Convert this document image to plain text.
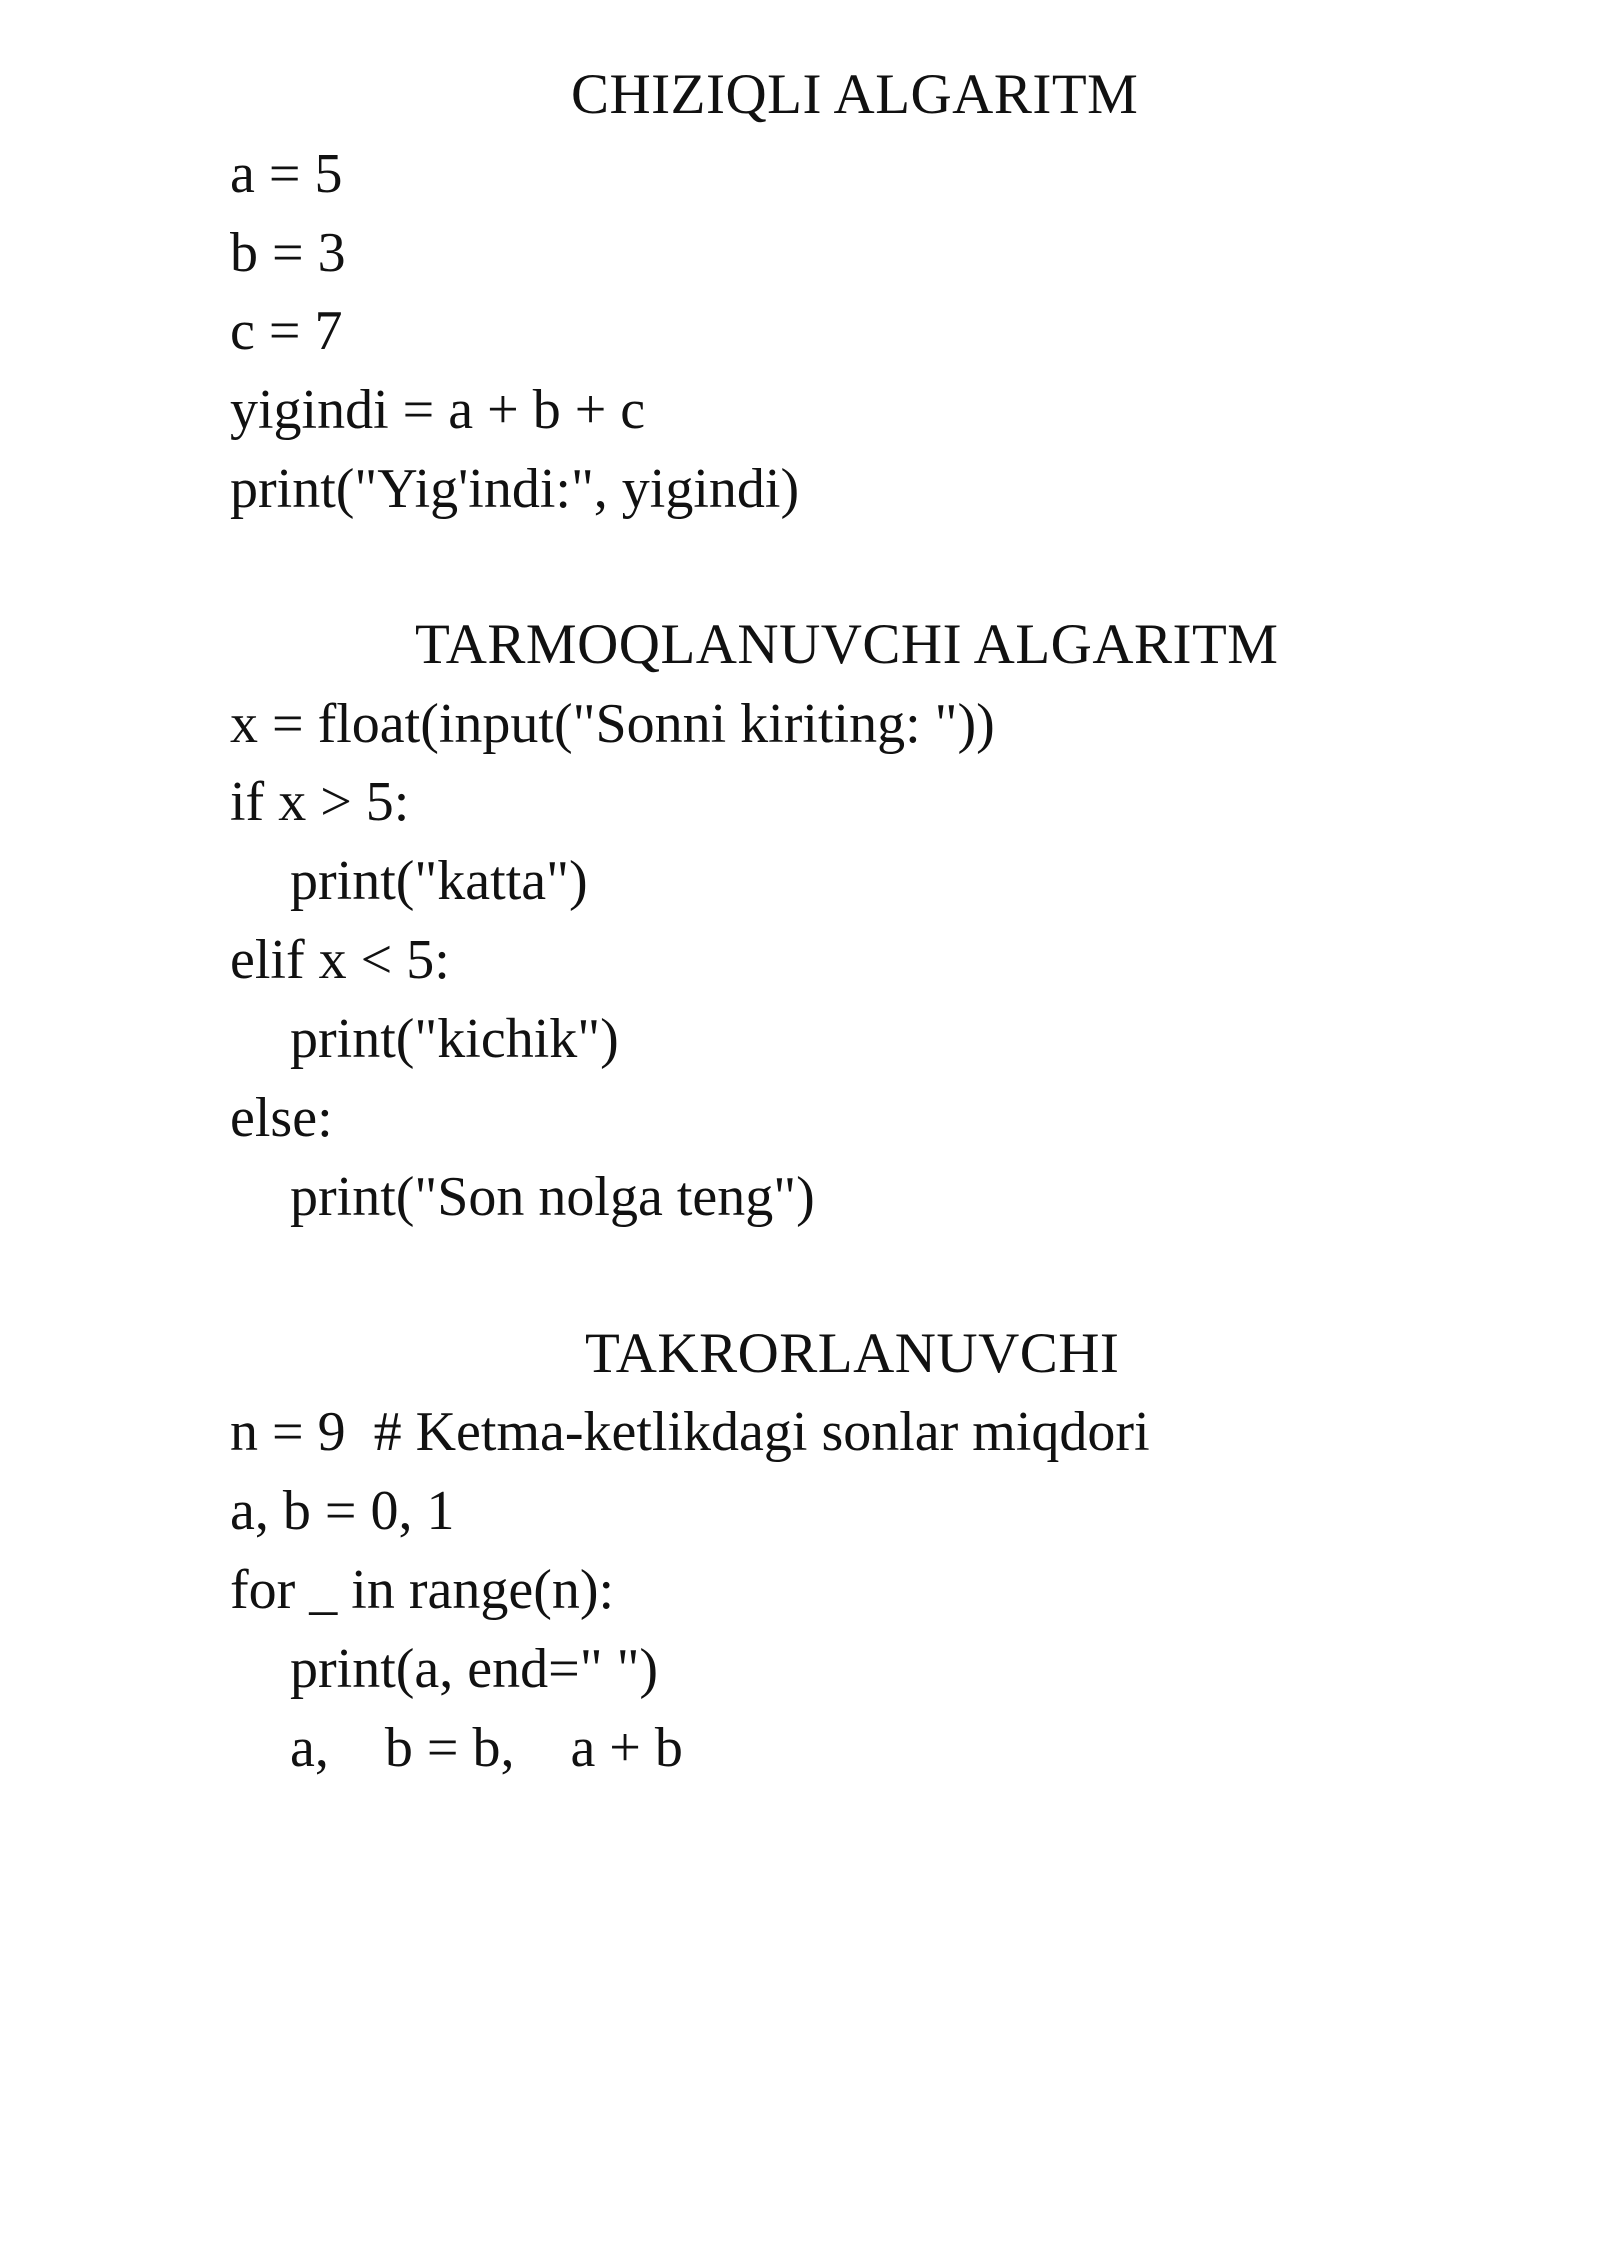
CHIZIQLI ALGARITM
a = 5
b = 3
c = 7
yigindi = a + b + c
print("Yig'indi:", yigindi)
TARMOQLANUVCHI ALGARITM
x = float(input("Sonni kiriting: "))
if x > 5:
print("katta")
elif x < 5:
print("kichik")
else:
print("Son nolga teng")
TAKRORLANUVCHI
n = 9  # Ketma-ketlikdagi sonlar miqdori
a, b = 0, 1
for _ in range(n):
print(a, end=" ")
a,    b = b,    a + b
